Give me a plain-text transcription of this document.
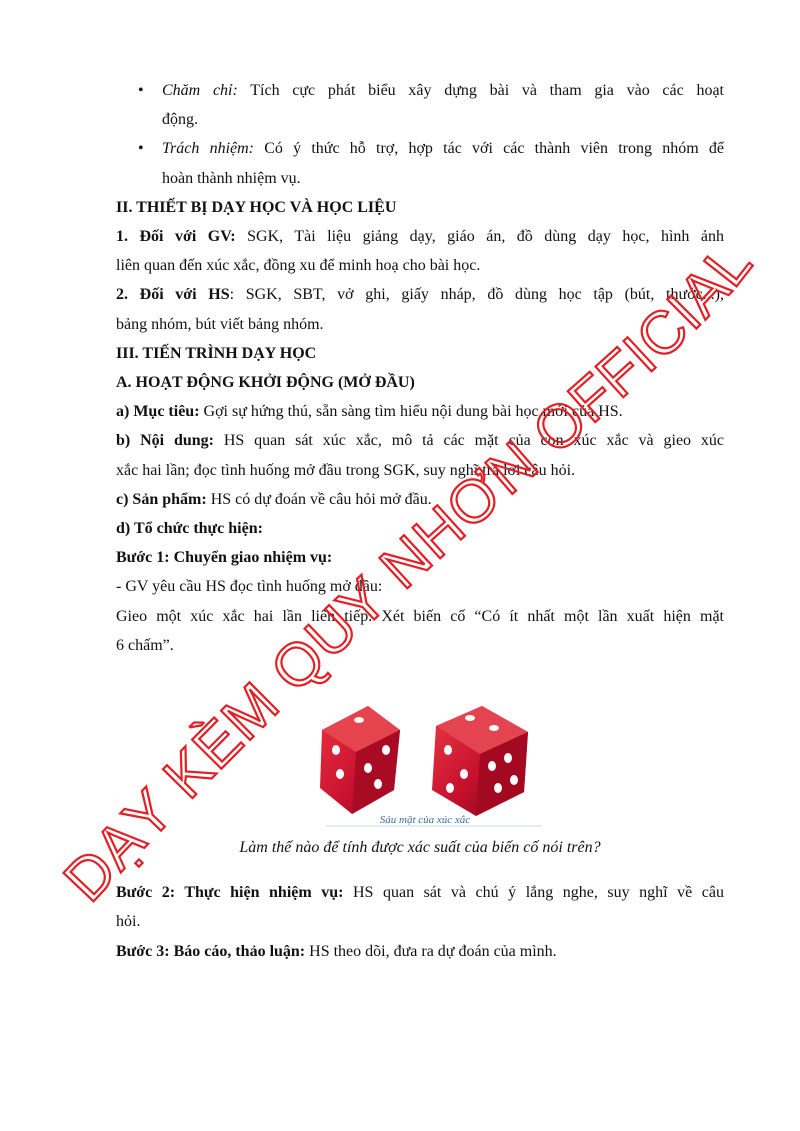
• Chăm chỉ: Tích cực phát biểu xây dựng bài và tham gia vào các hoạt

động.

• Trách nhiệm: Có ý thức hỗ trợ, hợp tác với các thành viên trong nhóm để

hoàn thành nhiệm vụ.

II. THIẾT BỊ DẠY HỌC VÀ HỌC LIỆU

1. Đối với GV: SGK, Tài liệu giảng dạy, giáo án, đồ dùng dạy học, hình ảnh

liên quan đến xúc xắc, đồng xu để minh hoạ cho bài học.

2. Đối với HS: SGK, SBT, vở ghi, giấy nháp, đồ dùng học tập (bút, thước...),

bảng nhóm, bút viết bảng nhóm.

III. TIẾN TRÌNH DẠY HỌC

A. HOẠT ĐỘNG KHỞI ĐỘNG (MỞ ĐẦU)

a) Mục tiêu: Gợi sự hứng thú, sẵn sàng tìm hiểu nội dung bài học mới của HS.

b) Nội dung: HS quan sát xúc xắc, mô tả các mặt của con xúc xắc và gieo xúc

xắc hai lần; đọc tình huống mở đầu trong SGK, suy nghĩ trả lời câu hỏi.

c) Sản phẩm: HS có dự đoán về câu hỏi mở đầu.

d) Tổ chức thực hiện:

Bước 1: Chuyển giao nhiệm vụ:

- GV yêu cầu HS đọc tình huống mở đầu:

Gieo một xúc xắc hai lần liên tiếp. Xét biến cố “Có ít nhất một lần xuất hiện mặt

6 chấm”.

Sáu mặt của xúc xắc

Làm thế nào để tính được xác suất của biến cố nói trên?

Bước 2: Thực hiện nhiệm vụ: HS quan sát và chú ý lắng nghe, suy nghĩ về câu

hỏi.

Bước 3: Báo cáo, thảo luận: HS theo dõi, đưa ra dự đoán của mình.

DẠY KÈM QUY NHƠN OFFICIAL
